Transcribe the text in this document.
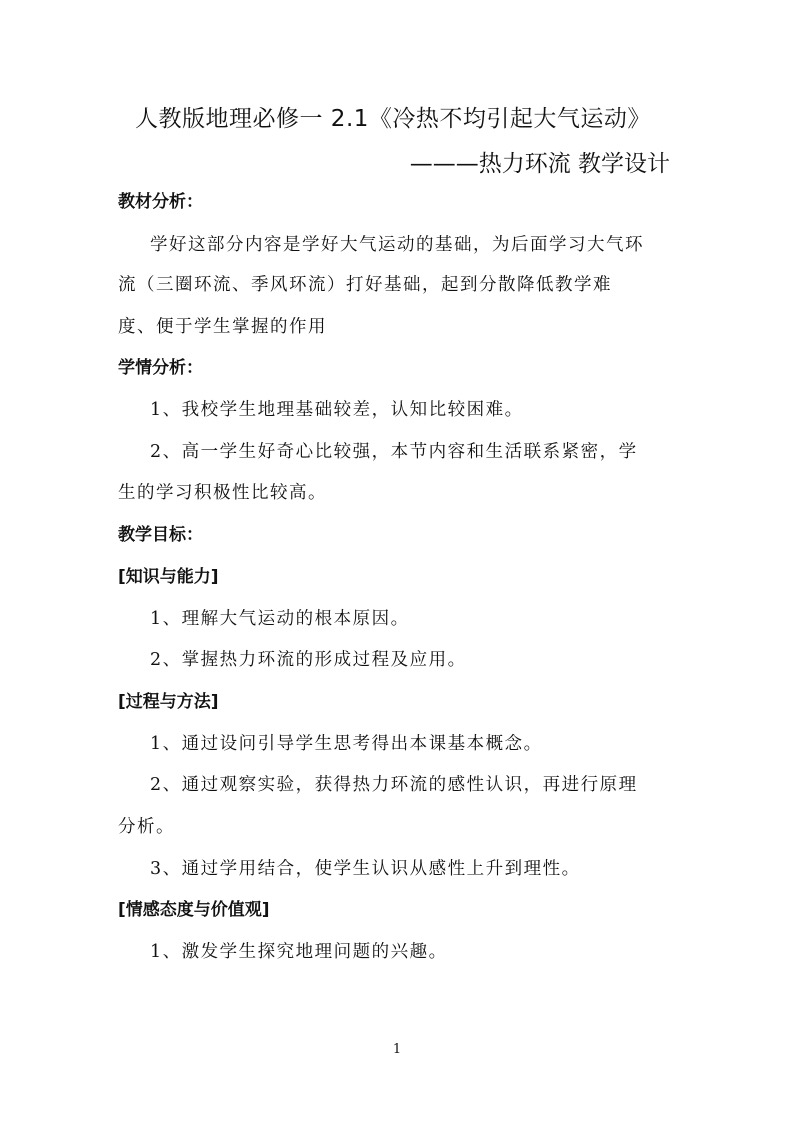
人教版地理必修一 2.1《冷热不均引起大气运动》
———热力环流 教学设计
教材分析：
学好这部分内容是学好大气运动的基础，为后面学习大气环
流（三圈环流、季风环流）打好基础，起到分散降低教学难
度、便于学生掌握的作用
学情分析：
1、我校学生地理基础较差，认知比较困难。
2、高一学生好奇心比较强，本节内容和生活联系紧密，学
生的学习积极性比较高。
教学目标：
[知识与能力]
1、理解大气运动的根本原因。
2、掌握热力环流的形成过程及应用。
[过程与方法]
1、通过设问引导学生思考得出本课基本概念。
2、通过观察实验，获得热力环流的感性认识，再进行原理
分析。
3、通过学用结合，使学生认识从感性上升到理性。
[情感态度与价值观]
1、激发学生探究地理问题的兴趣。
1
